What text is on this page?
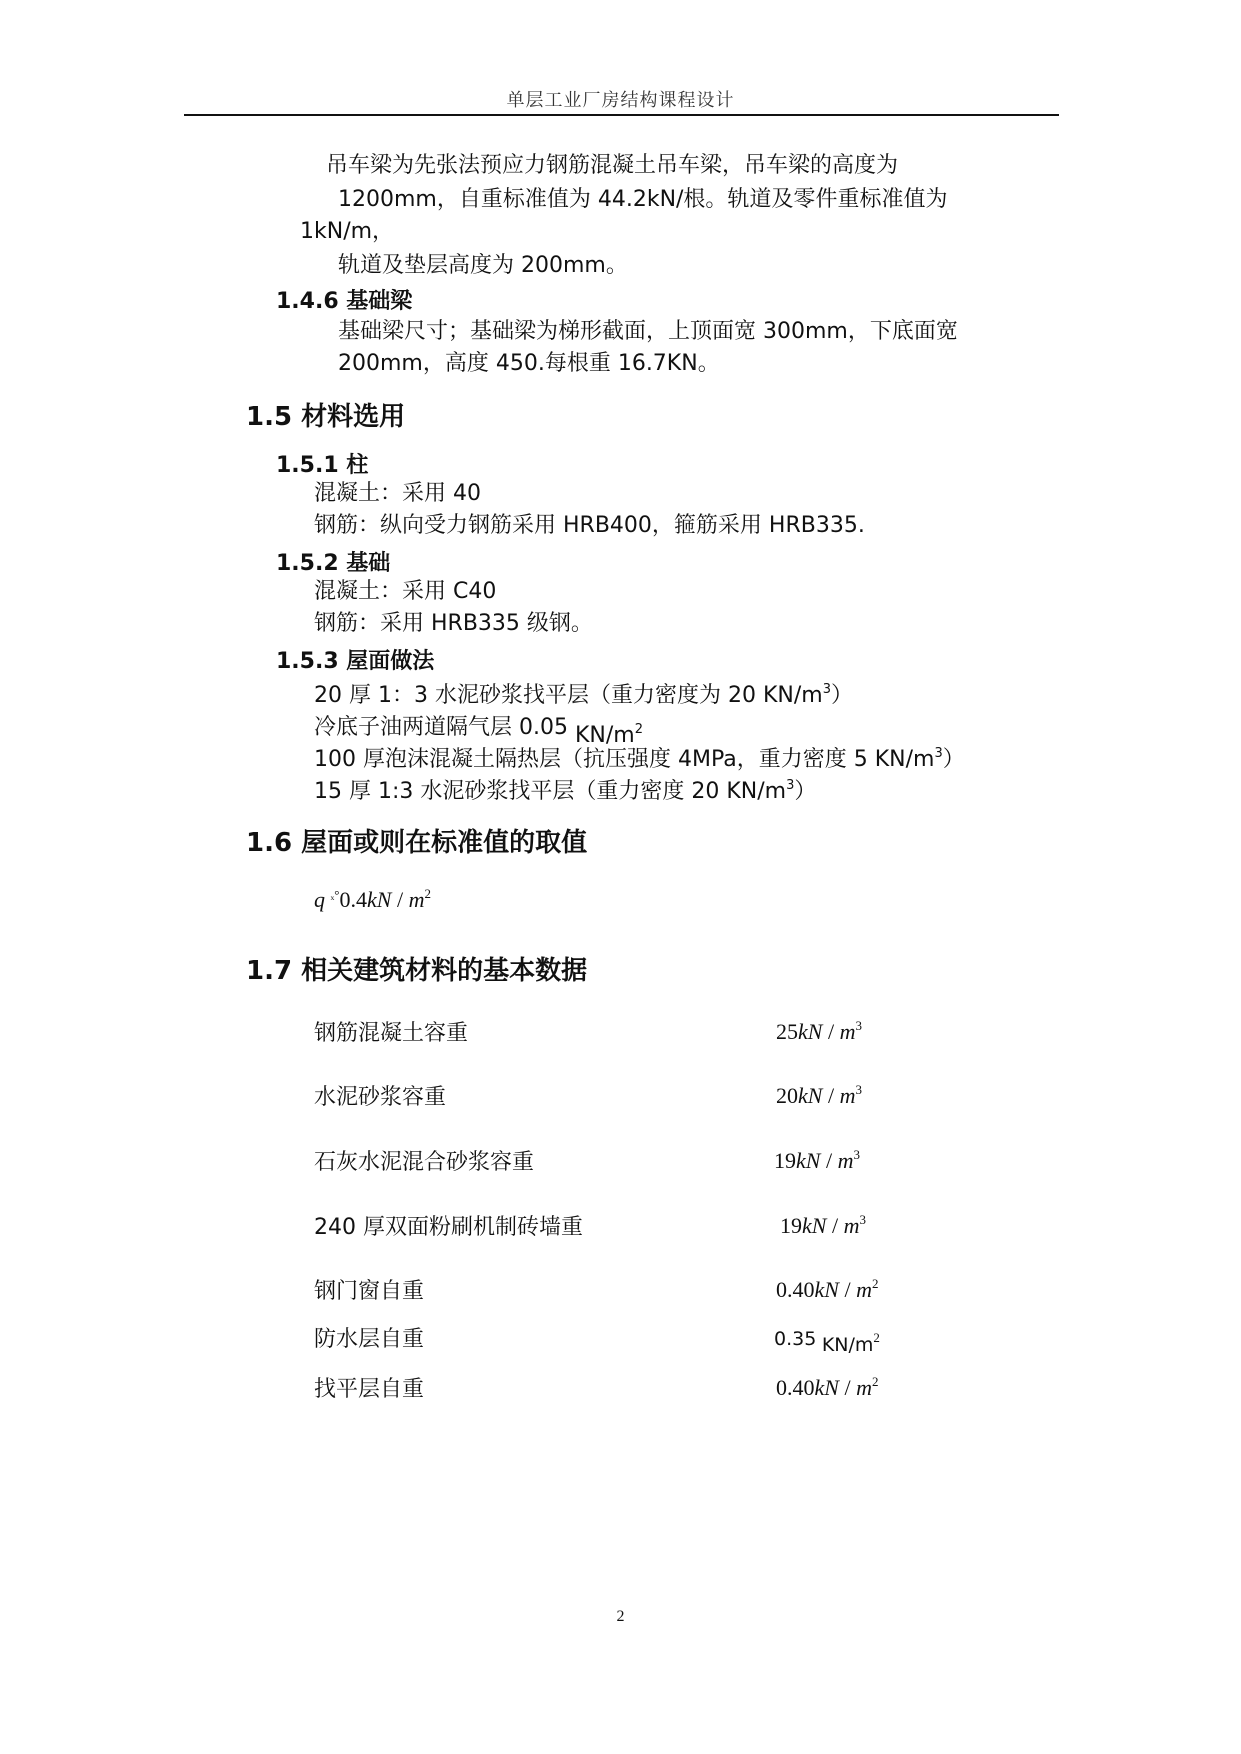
单层工业厂房结构课程设计
吊车梁为先张法预应力钢筋混凝土吊车梁，吊车梁的高度为
1200mm，自重标准值为 44.2kN/根。轨道及零件重标准值为
1kN/m，
轨道及垫层高度为 200mm。
1.4.6 基础梁
基础梁尺寸；基础梁为梯形截面，上顶面宽 300mm，下底面宽
200mm，高度 450.每根重 16.7KN。
1.5 材料选用
1.5.1 柱
混凝土：采用 40
钢筋：纵向受力钢筋采用 HRB400，箍筋采用 HRB335.
1.5.2 基础
混凝土：采用 C40
钢筋：采用 HRB335 级钢。
1.5.3 屋面做法
20 厚 1：3 水泥砂浆找平层（重力密度为 20 $KN/m^3$）
冷底子油两道隔气层 0.05 $KN/m^2$
100 厚泡沫混凝土隔热层（抗压强度 4MPa，重力密度 5 $KN/m^3$）
15 厚 1:3 水泥砂浆找平层（重力密度 20 $KN/m^3$）
1.6 屋面或则在标准值的取值
q $^{_x^\circ}0.4kN / m^2$
1.7 相关建筑材料的基本数据
钢筋混凝土容重	$25kN / m^3$
水泥砂浆容重	$20kN / m^3$
石灰水泥混合砂浆容重	$19kN / m^3$
240 厚双面粉刷机制砖墙重	$19kN / m^3$
钢门窗自重	$0.40kN / m^2$
防水层自重	0.35 $KN/m^2$
找平层自重	$0.40kN / m^2$
2
